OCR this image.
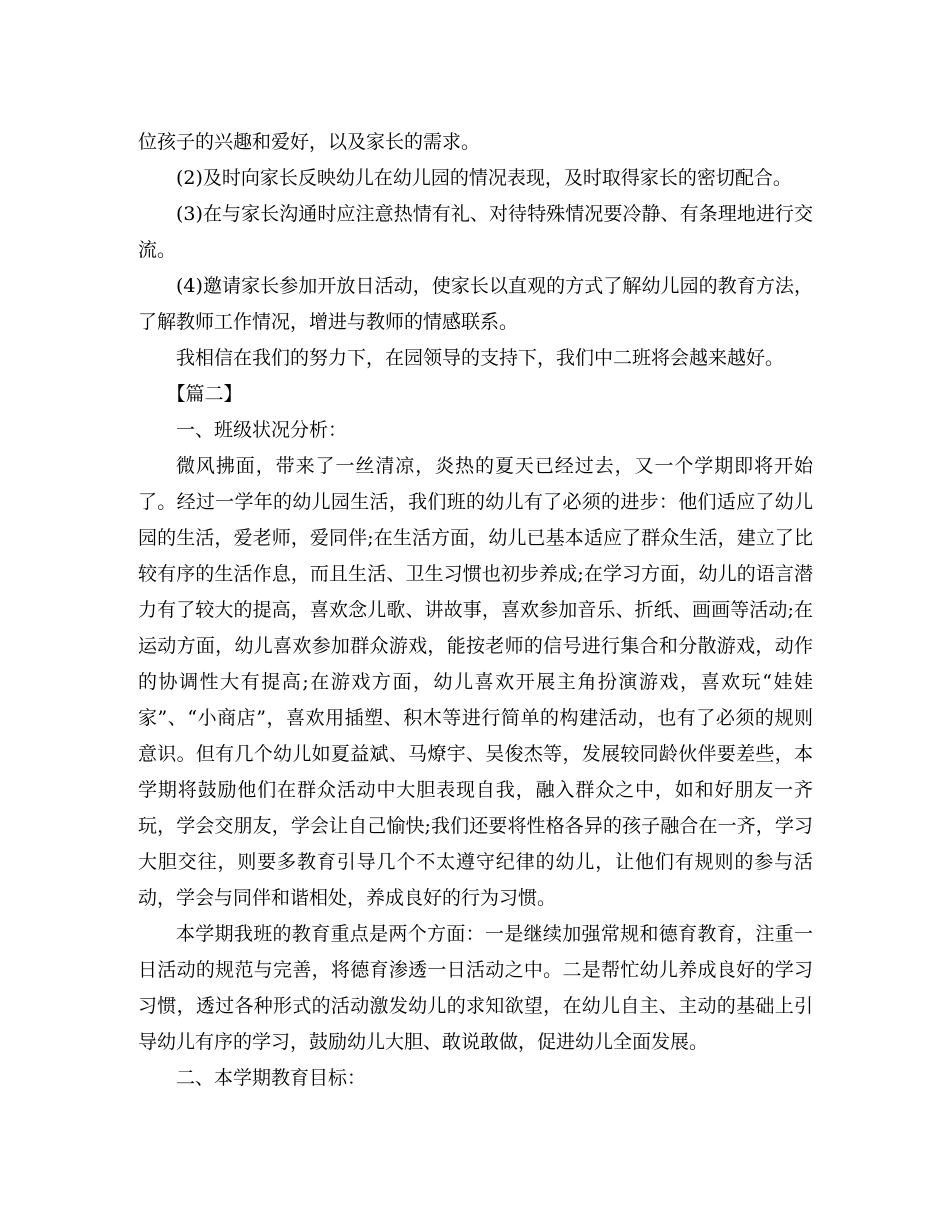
位孩子的兴趣和爱好，以及家长的需求。

(2)及时向家长反映幼儿在幼儿园的情况表现，及时取得家长的密切配合。

(3)在与家长沟通时应注意热情有礼、对待特殊情况要冷静、有条理地进行交流。

(4)邀请家长参加开放日活动，使家长以直观的方式了解幼儿园的教育方法，了解教师工作情况，增进与教师的情感联系。

我相信在我们的努力下，在园领导的支持下，我们中二班将会越来越好。

【篇二】

一、班级状况分析：

微风拂面，带来了一丝清凉，炎热的夏天已经过去，又一个学期即将开始了。经过一学年的幼儿园生活，我们班的幼儿有了必须的进步：他们适应了幼儿园的生活，爱老师，爱同伴;在生活方面，幼儿已基本适应了群众生活，建立了比较有序的生活作息，而且生活、卫生习惯也初步养成;在学习方面，幼儿的语言潜力有了较大的提高，喜欢念儿歌、讲故事，喜欢参加音乐、折纸、画画等活动;在运动方面，幼儿喜欢参加群众游戏，能按老师的信号进行集合和分散游戏，动作的协调性大有提高;在游戏方面，幼儿喜欢开展主角扮演游戏，喜欢玩“娃娃家”、“小商店”，喜欢用插塑、积木等进行简单的构建活动，也有了必须的规则意识。但有几个幼儿如夏益斌、马燎宇、吴俊杰等，发展较同龄伙伴要差些，本学期将鼓励他们在群众活动中大胆表现自我，融入群众之中，如和好朋友一齐玩，学会交朋友，学会让自己愉快;我们还要将性格各异的孩子融合在一齐，学习大胆交往，则要多教育引导几个不太遵守纪律的幼儿，让他们有规则的参与活动，学会与同伴和谐相处，养成良好的行为习惯。

本学期我班的教育重点是两个方面：一是继续加强常规和德育教育，注重一日活动的规范与完善，将德育渗透一日活动之中。二是帮忙幼儿养成良好的学习习惯，透过各种形式的活动激发幼儿的求知欲望，在幼儿自主、主动的基础上引导幼儿有序的学习，鼓励幼儿大胆、敢说敢做，促进幼儿全面发展。

二、本学期教育目标：
